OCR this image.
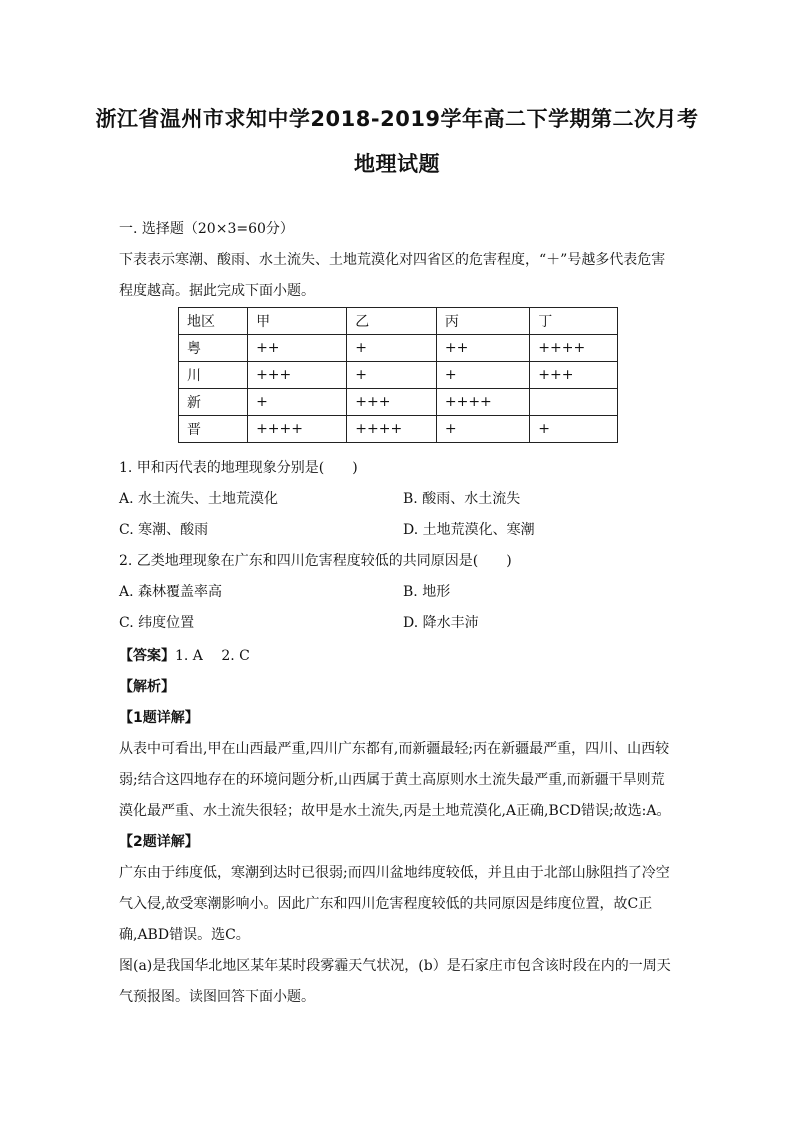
浙江省温州市求知中学2018-2019学年高二下学期第二次月考
地理试题
一. 选择题（20×3=60分）
下表表示寒潮、酸雨、水土流失、土地荒漠化对四省区的危害程度，“＋”号越多代表危害
程度越高。据此完成下面小题。
地区	甲	乙	丙	丁
粤	++	+	++	++++
川	+++	+	+	+++
新	+	+++	++++	
晋	++++	++++	+	+
1. 甲和丙代表的地理现象分别是(　　)
A. 水土流失、土地荒漠化	B. 酸雨、水土流失
C. 寒潮、酸雨	D. 土地荒漠化、寒潮
2. 乙类地理现象在广东和四川危害程度较低的共同原因是(　　)
A. 森林覆盖率高	B. 地形
C. 纬度位置	D. 降水丰沛
【答案】1. A　 2. C
【解析】
【1题详解】
从表中可看出,甲在山西最严重,四川广东都有,而新疆最轻;丙在新疆最严重，四川、山西较
弱;结合这四地存在的环境问题分析,山西属于黄土高原则水土流失最严重,而新疆干旱则荒
漠化最严重、水土流失很轻；故甲是水土流失,丙是土地荒漠化,A正确,BCD错误;故选:A。
【2题详解】
广东由于纬度低，寒潮到达时已很弱;而四川盆地纬度较低，并且由于北部山脉阻挡了冷空
气入侵,故受寒潮影响小。因此广东和四川危害程度较低的共同原因是纬度位置，故C正
确,ABD错误。选C。
图(a)是我国华北地区某年某时段雾霾天气状况，(b）是石家庄市包含该时段在内的一周天
气预报图。读图回答下面小题。
